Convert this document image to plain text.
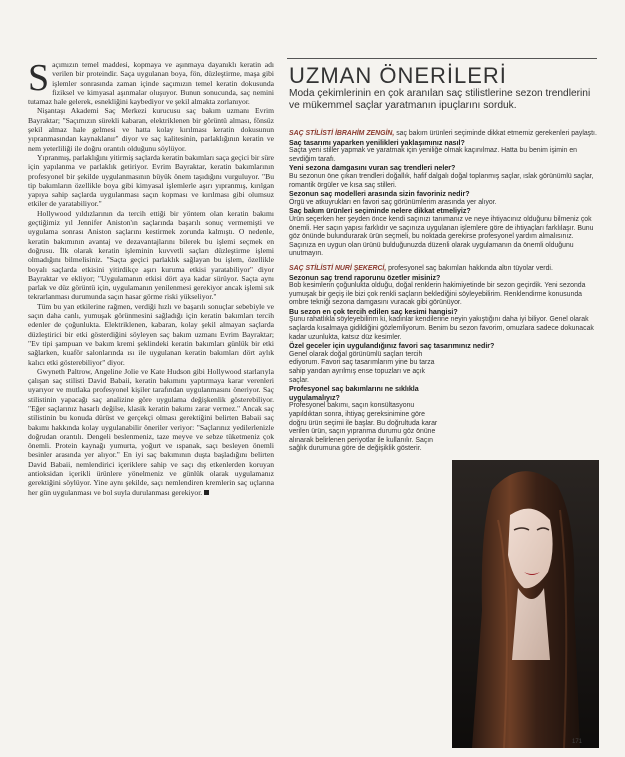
Saçımızın temel maddesi, kopmaya ve aşınmaya dayanıklı keratin adı verilen bir proteindir. Saça uygulanan boya, fön, düzleştirme, maşa gibi işlemler sonrasında zaman içinde saçımızın temel keratin dokusunda fiziksel ve kimyasal aşınmalar oluşuyor. Bunun sonucunda, saç nemini tutamaz hale gelerek, esnekliğini kaybediyor ve şekil almakta zorlanıyor.

Nişantaşı Akademi Saç Merkezi kurucusu saç bakım uzmanı Evrim Bayraktar; "Saçımızın sürekli kabaran, elektriklenen bir görüntü alması, fönsüz şekil almaz hale gelmesi ve hatta kolay kırılması keratin dokusunun yıpranmasından kaynaklanır" diyor ve saç kalitesinin, parlaklığının keratin ve nem yeterliliği ile doğru orantılı olduğunu söylüyor.

Yıpranmış, parlaklığını yitirmiş saçlarda keratin bakımları saça geçici bir süre için yapılanma ve parlaklık getiriyor. Evrim Bayraktar, keratin bakımlarının profesyonel bir şekilde uygulanmasının büyük önem taşıdığını vurguluyor. "Bu tip bakımların özellikle boya gibi kimyasal işlemlerle aşırı yıpranmış, kırılgan yapıya sahip saçlarda uygulanması saçın kopması ve kırılması gibi olumsuz etkiler de yaratabiliyor."

Hollywood yıldızlarının da tercih ettiği bir yöntem olan keratin bakımı geçtiğimiz yıl Jennifer Aniston'ın saçlarında başarılı sonuç vermemişti ve uygulama sonrası Aniston saçlarını kestirmek zorunda kalmıştı. O nedenle, keratin bakımının avantaj ve dezavantajlarını bilerek bu işlemi seçmek en doğrusu. İlk olarak keratin işleminin kuvvetli saçları düzleştirme işlemi olmadığını bilmelisiniz. "Saçta geçici parlaklık sağlayan bu işlem, özellikle boyalı saçlarda etkisini yitirdikçe aşırı kuruma etkisi yaratabiliyor" diyor Bayraktar ve ekliyor; "Uygulamanın etkisi dört aya kadar sürüyor. Saçta aynı parlak ve düz görüntü için, uygulamanın yenilenmesi gerekiyor ancak işlemi sık tekrarlanması durumunda saçın hasar görme riski yükseliyor."

Tüm bu yan etkilerine rağmen, verdiği hızlı ve başarılı sonuçlar sebebiyle ve saçın daha canlı, yumuşak görünmesini sağladığı için keratin bakımları tercih edenler de çoğunlukta. Elektriklenen, kabaran, kolay şekil almayan saçlarda düzleştirici bir etki gösterdiğini söyleyen saç bakım uzmanı Evrim Bayraktar; "Ev tipi şampuan ve bakım kremi şeklindeki keratin bakımları günlük bir etki sağlarken, kuaför salonlarında ısı ile uygulanan keratin bakımları dört aylık kalıcı etki gösterebiliyor" diyor.

Gwyneth Paltrow, Angeline Jolie ve Kate Hudson gibi Hollywood starlarıyla çalışan saç stilisti David Babaii, keratin bakımını yaptırmaya karar verenleri uyarıyor ve mutlaka profesyonel kişiler tarafından uygulanmasını öneriyor. Saç stilistinin yapacağı saç analizine göre uygulama değişkenlik gösterebiliyor. "Eğer saçlarınız hasarlı değilse, klasik keratin bakımı zarar vermez." Ancak saç stilistinin bu konuda dürüst ve gerçekçi olması gerektiğini belirten Babaii saç bakımı hakkında kolay uygulanabilir öneriler veriyor: "Saçlarınız yedilerlenizle doğrudan orantılı. Dengeli beslenmeniz, taze meyve ve sebze tüketmeniz çok önemli. Protein kaynağı yumurta, yoğurt ve ıspanak, saçı besleyen önemli besinler arasında yer alıyor." En iyi saç bakımının duşta başladığını belirten David Babaii, nemlendirici içeriklere sahip ve saçı dış etkenlerden koruyan antioksidan içerikli ürünlere yönelmeniz ve günlük olarak uygulamanız gerektiğini söylüyor. Yine aynı şekilde, saçı nemlendiren kremlerin saç uçlarına her gün uygulanması ve bol suyla durulanması gerekiyor.

UZMAN ÖNERİLERİ

Moda çekimlerinin en çok aranılan saç stilistlerine sezon trendlerini ve mükemmel saçlar yaratmanın ipuçlarını sorduk.

SAÇ STİLİSTİ İBRAHİM ZENGİN, saç bakım ürünleri seçiminde dikkat etmemiz gerekenleri paylaştı.

Saç tasarımı yaparken yenilikleri yaklaşımınız nasıl?

Saçta yeni stiller yapmak ve yaratmak için yeniliğe olmak kaçınılmaz. Hatta bu benim işimin en sevdiğim tarafı.

Yeni sezona damgasını vuran saç trendleri neler?

Bu sezonun öne çıkan trendleri doğallık, hafif dalgalı doğal toplanmış saçlar, ıslak görünümlü saçlar, romantik örgüler ve kısa saç stilleri.

Sezonun saç modelleri arasında sizin favoriniz nedir?

Örgü ve atkuyrukları en favori saç görünümlerim arasında yer alıyor.

Saç bakım ürünleri seçiminde nelere dikkat etmeliyiz?

Ürün seçerken her şeyden önce kendi saçınızı tanımanız ve neye ihtiyacınız olduğunu bilmeniz çok önemli. Her saçın yapısı farklıdır ve saçınıza uygulanan işlemlere göre de ihtiyaçları farklılaşır. Bunu göz önünde bulundurarak ürün seçmeli, bu noktada gerekirse profesyonel yardım almalısınız. Saçınıza en uygun olan ürünü bulduğunuzda düzenli olarak uygulamanın da önemli olduğunu unutmayın.

SAÇ STİLİSTİ NURİ ŞEKERCİ, profesyonel saç bakımları hakkında altın tüyolar verdi.

Sezonun saç trend raporunu özetler misiniz?

Bob kesimlerin çoğunlukta olduğu, doğal renklerin hakimiyetinde bir sezon geçirdik. Yeni sezonda yumuşak bir geçiş ile bizi çok renkli saçların beklediğini söyleyebilirim. Renklendirme konusunda ombre tekniği sezona damgasını vuracak gibi görünüyor.

Bu sezon en çok tercih edilen saç kesimi hangisi?

Şunu rahatlıkla söyleyebilirim ki, kadınlar kendilerine neyin yakıştığını daha iyi biliyor. Genel olarak saçlarda kısalmaya gidildiğini gözlemliyorum. Benim bu sezon favorim, omuzlara sadece dokunacak kadar uzunlukta, katsız düz kesimler.

Özel geceler için uygulandığınız favori saç tasarımınız nedir?

Genel olarak doğal görünümlü saçları tercih ediyorum. Favori saç tasarımlarım yine bu tarza sahip yandan ayrılmış ense topuzları ve açık saçlar.

Profesyonel saç bakımlarını ne sıklıkla uygulamalıyız?

Profesyonel bakımı, saçın konsültasyonu yapıldıktan sonra, ihtiyaç gereksinimine göre doğru ürün seçimi ile başlar. Bu doğrultuda karar verilen ürün, saçın yıpranma durumu göz önüne alınarak belirlenen periyotlar ile kullanılır. Saçın sağlık durumuna göre de değişiklik gösterir.

171
